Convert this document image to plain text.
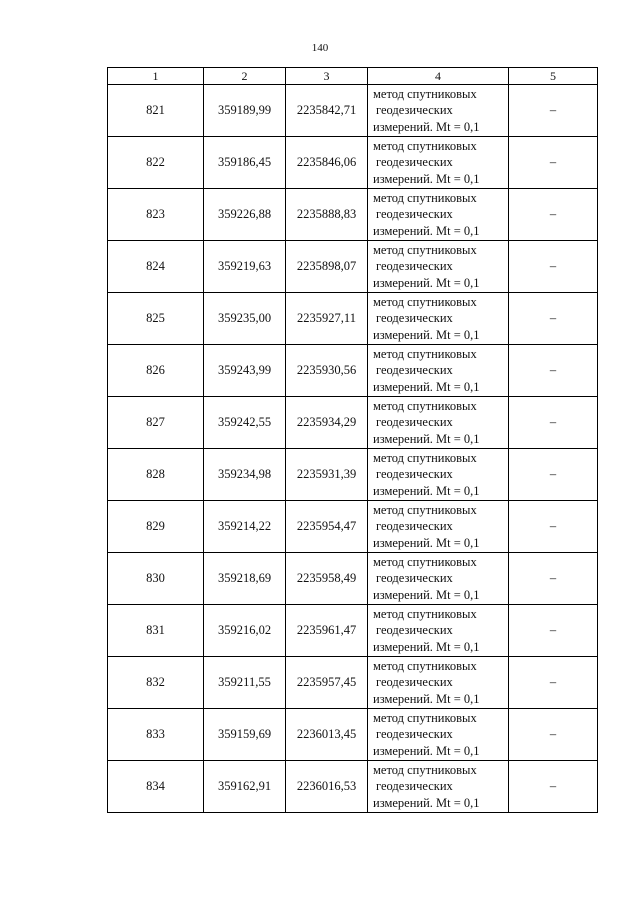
140
1	2	3	4	5
821	359189,99	2235842,71	метод спутниковых
геодезических
измерений. Mt = 0,1	–
822	359186,45	2235846,06	метод спутниковых
геодезических
измерений. Mt = 0,1	–
823	359226,88	2235888,83	метод спутниковых
геодезических
измерений. Mt = 0,1	–
824	359219,63	2235898,07	метод спутниковых
геодезических
измерений. Mt = 0,1	–
825	359235,00	2235927,11	метод спутниковых
геодезических
измерений. Mt = 0,1	–
826	359243,99	2235930,56	метод спутниковых
геодезических
измерений. Mt = 0,1	–
827	359242,55	2235934,29	метод спутниковых
геодезических
измерений. Mt = 0,1	–
828	359234,98	2235931,39	метод спутниковых
геодезических
измерений. Mt = 0,1	–
829	359214,22	2235954,47	метод спутниковых
геодезических
измерений. Mt = 0,1	–
830	359218,69	2235958,49	метод спутниковых
геодезических
измерений. Mt = 0,1	–
831	359216,02	2235961,47	метод спутниковых
геодезических
измерений. Mt = 0,1	–
832	359211,55	2235957,45	метод спутниковых
геодезических
измерений. Mt = 0,1	–
833	359159,69	2236013,45	метод спутниковых
геодезических
измерений. Mt = 0,1	–
834	359162,91	2236016,53	метод спутниковых
геодезических
измерений. Mt = 0,1	–
